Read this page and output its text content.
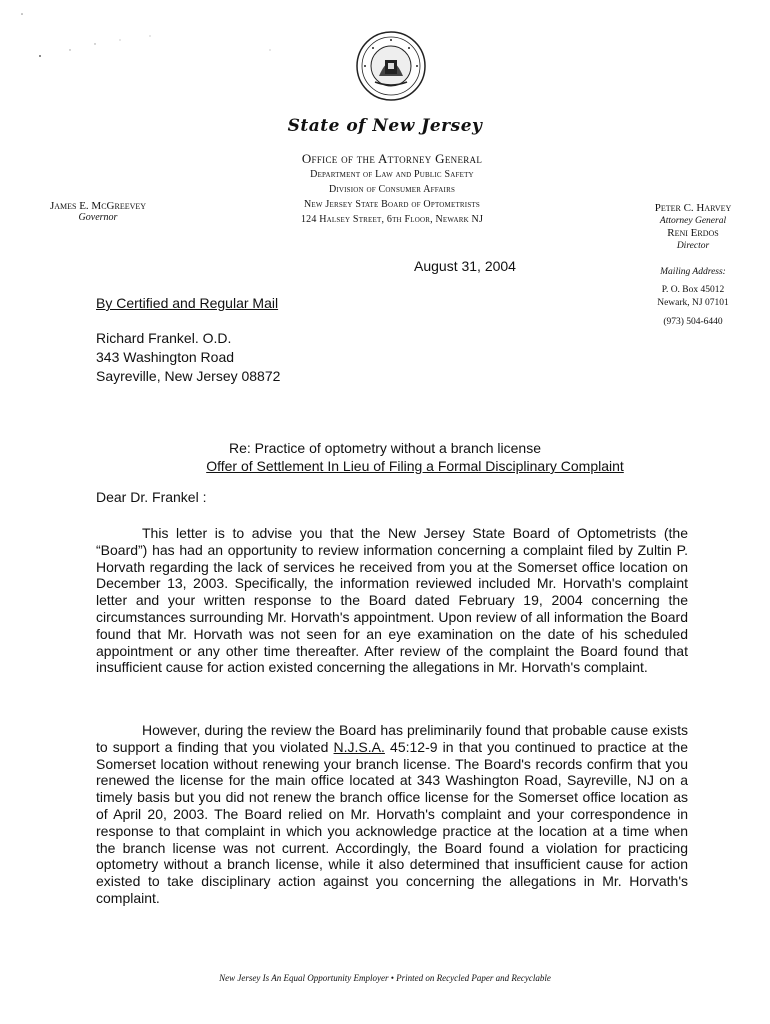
State of New Jersey
Office of the Attorney General
Department of Law and Public Safety
Division of Consumer Affairs
New Jersey State Board of Optometrists
124 Halsey Street, 6th Floor, Newark NJ
James E. McGreevey
Governor
Peter C. Harvey
Attorney General
Reni Erdos
Director
Mailing Address:
P. O. Box 45012
Newark, NJ 07101
(973) 504-6440
August 31, 2004
By Certified and Regular Mail
Richard Frankel. O.D.
343 Washington Road
Sayreville, New Jersey 08872
Re: Practice of optometry without a branch license
Offer of Settlement In Lieu of Filing a Formal Disciplinary Complaint
Dear Dr. Frankel :
This letter is to advise you that the New Jersey State Board of Optometrists (the “Board”) has had an opportunity to review information concerning a complaint filed by Zultin P. Horvath regarding the lack of services he received from you at the Somerset office location on December 13, 2003. Specifically, the information reviewed included Mr. Horvath's complaint letter and your written response to the Board dated February 19, 2004 concerning the circumstances surrounding Mr. Horvath's appointment. Upon review of all information the Board found that Mr. Horvath was not seen for an eye examination on the date of his scheduled appointment or any other time thereafter. After review of the complaint the Board found that insufficient cause for action existed concerning the allegations in Mr. Horvath's complaint.
However, during the review the Board has preliminarily found that probable cause exists to support a finding that you violated N.J.S.A. 45:12-9 in that you continued to practice at the Somerset location without renewing your branch license. The Board's records confirm that you renewed the license for the main office located at 343 Washington Road, Sayreville, NJ on a timely basis but you did not renew the branch office license for the Somerset office location as of April 20, 2003. The Board relied on Mr. Horvath's complaint and your correspondence in response to that complaint in which you acknowledge practice at the location at a time when the branch license was not current. Accordingly, the Board found a violation for practicing optometry without a branch license, while it also determined that insufficient cause for action existed to take disciplinary action against you concerning the allegations in Mr. Horvath's complaint.
New Jersey Is An Equal Opportunity Employer • Printed on Recycled Paper and Recyclable
